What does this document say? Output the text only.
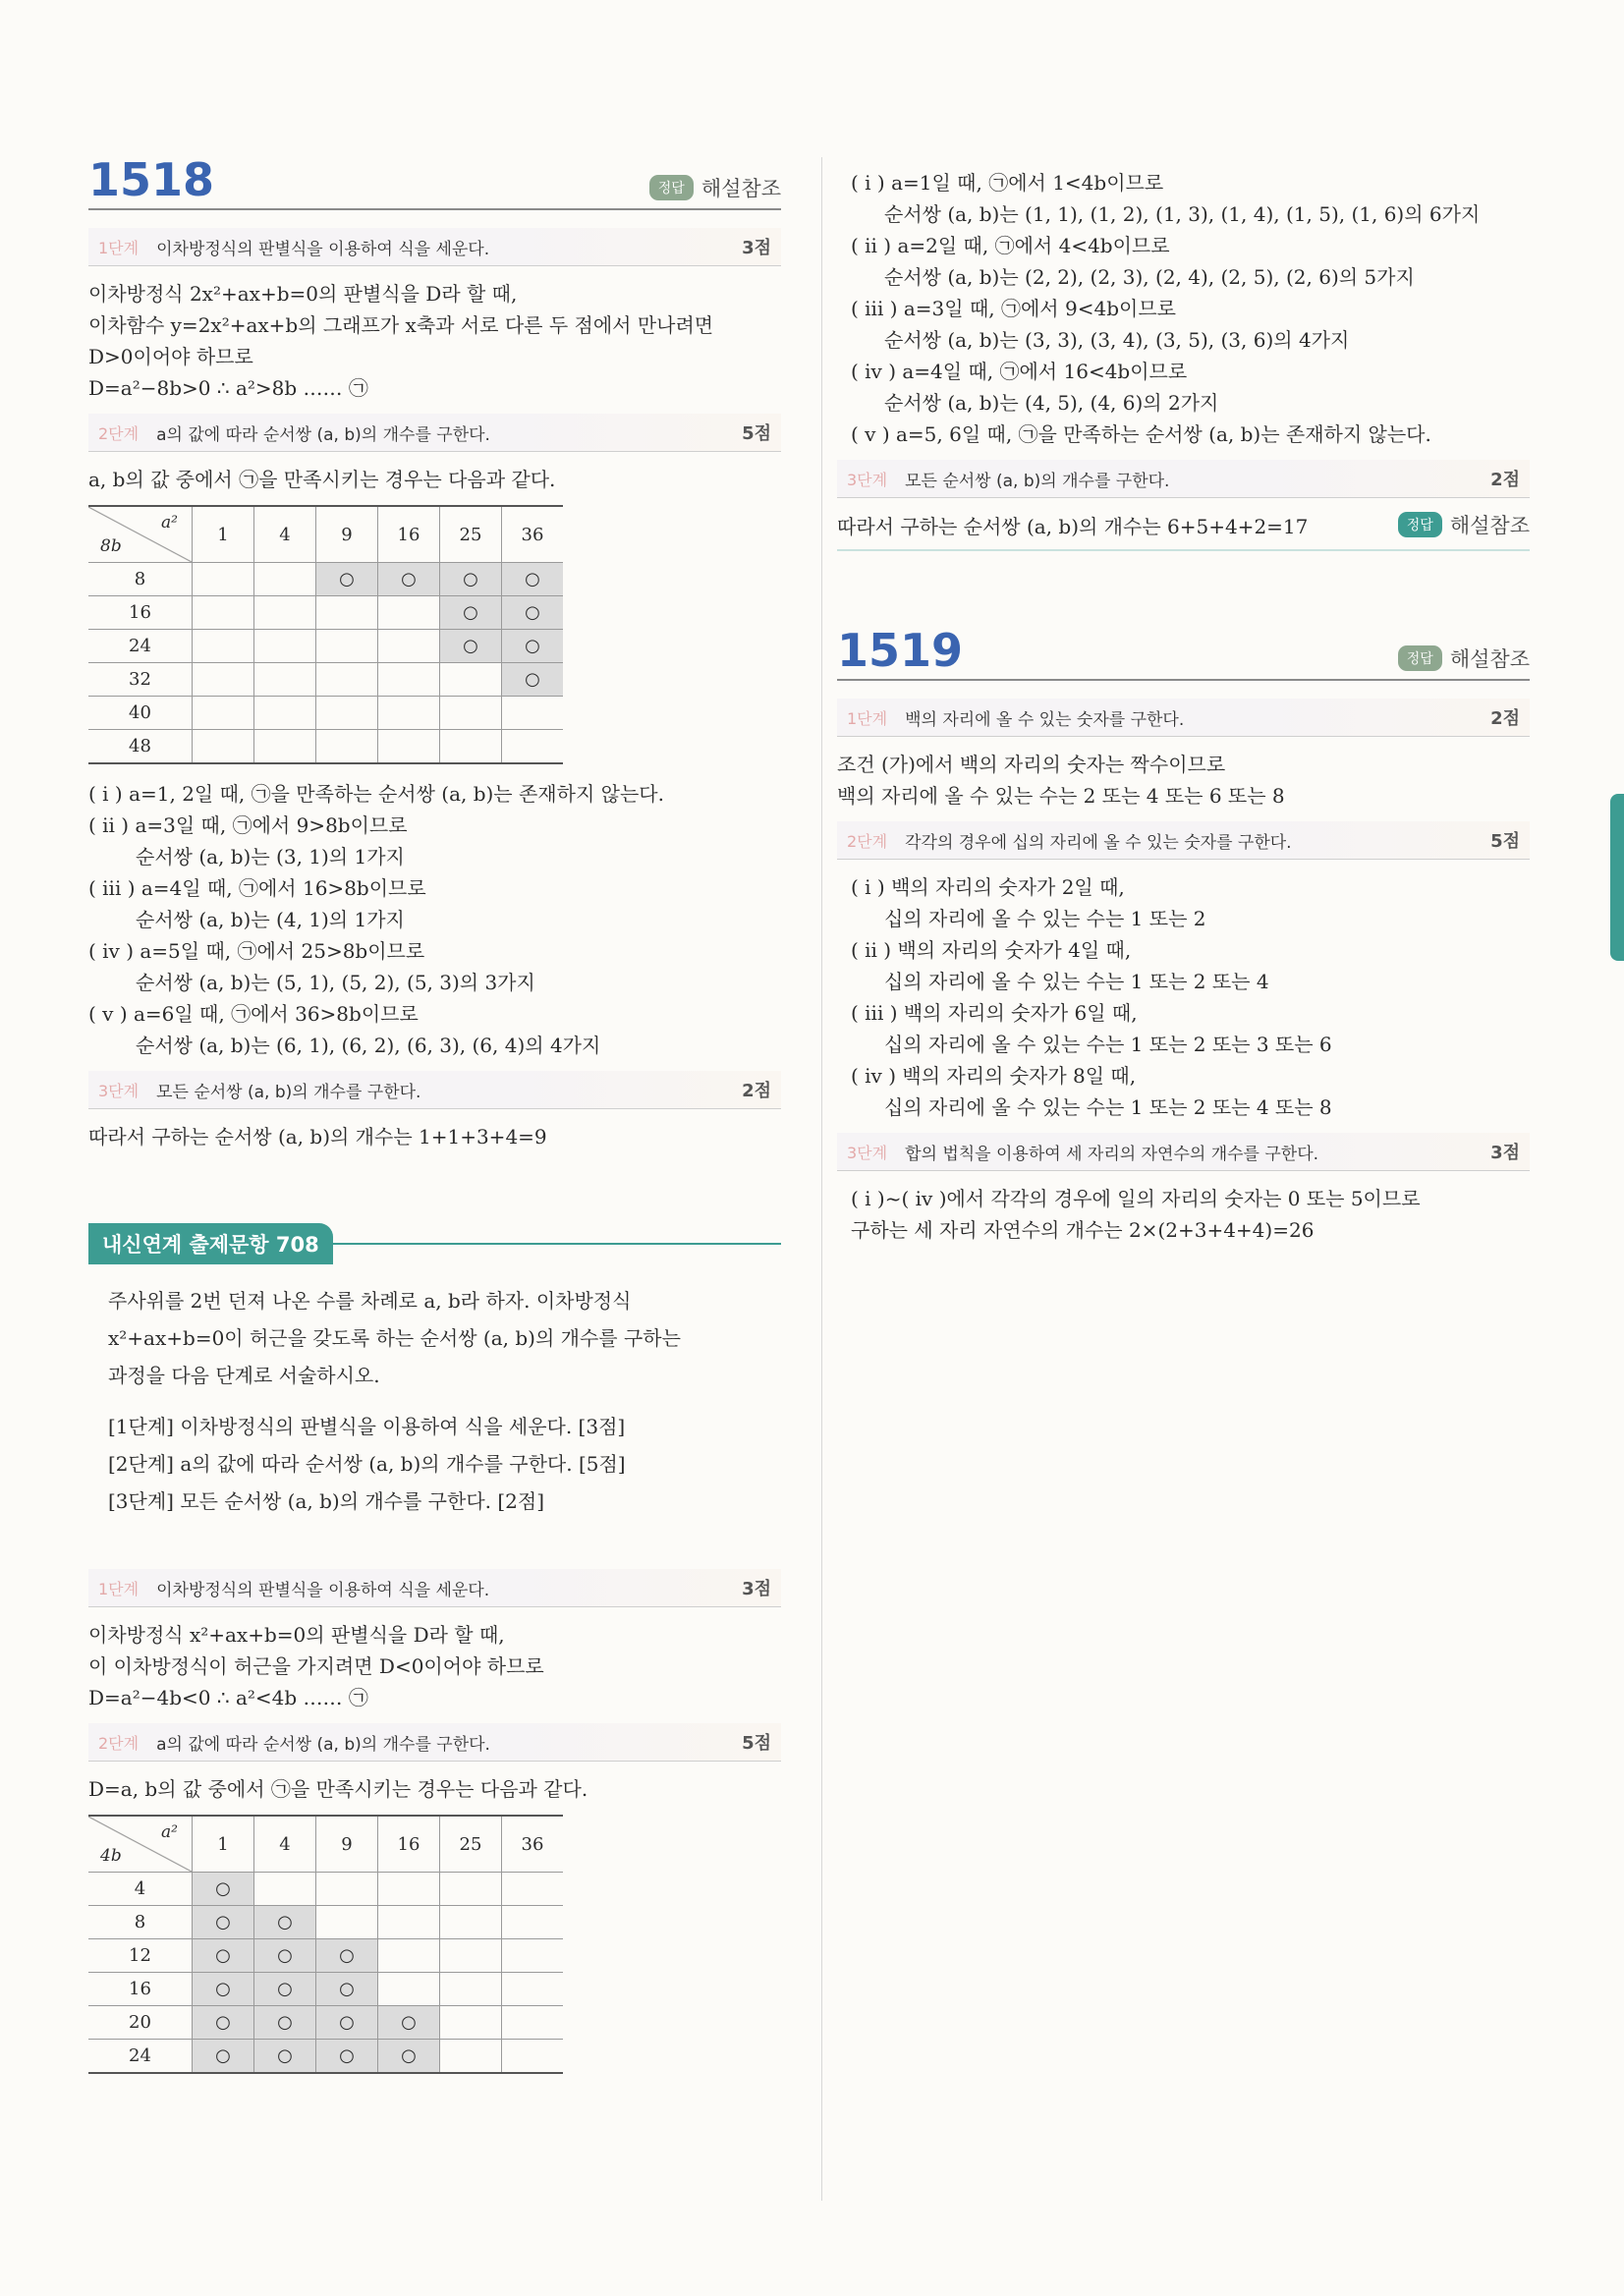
1518	정답 해설참조
1단계 이차방정식의 판별식을 이용하여 식을 세운다.	3점

이차방정식 2x²+ax+b=0의 판별식을 D라 할 때,

이차함수 y=2x²+ax+b의 그래프가 x축과 서로 다른 두 점에서 만나려면

D>0이어야 하므로

D=a²−8b>0 ∴ a²>8b …… ㉠

2단계 a의 값에 따라 순서쌍 (a, b)의 개수를 구한다.	5점

a, b의 값 중에서 ㉠을 만족시키는 경우는 다음과 같다.

a²
8b	1	4	9	16	25	36
8			○	○	○	○
16					○	○
24					○	○
32						○
40						
48						

( i ) a=1, 2일 때, ㉠을 만족하는 순서쌍 (a, b)는 존재하지 않는다.

( ii ) a=3일 때, ㉠에서 9>8b이므로

순서쌍 (a, b)는 (3, 1)의 1가지

( iii ) a=4일 때, ㉠에서 16>8b이므로

순서쌍 (a, b)는 (4, 1)의 1가지

( iv ) a=5일 때, ㉠에서 25>8b이므로

순서쌍 (a, b)는 (5, 1), (5, 2), (5, 3)의 3가지

( v ) a=6일 때, ㉠에서 36>8b이므로

순서쌍 (a, b)는 (6, 1), (6, 2), (6, 3), (6, 4)의 4가지

3단계 모든 순서쌍 (a, b)의 개수를 구한다.	2점

따라서 구하는 순서쌍 (a, b)의 개수는 1+1+3+4=9

내신연계 출제문항 708

주사위를 2번 던져 나온 수를 차례로 a, b라 하자. 이차방정식

x²+ax+b=0이 허근을 갖도록 하는 순서쌍 (a, b)의 개수를 구하는

과정을 다음 단계로 서술하시오.

[1단계] 이차방정식의 판별식을 이용하여 식을 세운다. [3점]

[2단계] a의 값에 따라 순서쌍 (a, b)의 개수를 구한다. [5점]

[3단계] 모든 순서쌍 (a, b)의 개수를 구한다. [2점]

1단계 이차방정식의 판별식을 이용하여 식을 세운다.	3점

이차방정식 x²+ax+b=0의 판별식을 D라 할 때,

이 이차방정식이 허근을 가지려면 D<0이어야 하므로

D=a²−4b<0 ∴ a²<4b …… ㉠

2단계 a의 값에 따라 순서쌍 (a, b)의 개수를 구한다.	5점

D=a, b의 값 중에서 ㉠을 만족시키는 경우는 다음과 같다.

a²
4b	1	4	9	16	25	36
4	○					
8	○	○				
12	○	○	○			
16	○	○	○			
20	○	○	○	○		
24	○	○	○	○		

( i ) a=1일 때, ㉠에서 1<4b이므로

순서쌍 (a, b)는 (1, 1), (1, 2), (1, 3), (1, 4), (1, 5), (1, 6)의 6가지

( ii ) a=2일 때, ㉠에서 4<4b이므로

순서쌍 (a, b)는 (2, 2), (2, 3), (2, 4), (2, 5), (2, 6)의 5가지

( iii ) a=3일 때, ㉠에서 9<4b이므로

순서쌍 (a, b)는 (3, 3), (3, 4), (3, 5), (3, 6)의 4가지

( iv ) a=4일 때, ㉠에서 16<4b이므로

순서쌍 (a, b)는 (4, 5), (4, 6)의 2가지

( v ) a=5, 6일 때, ㉠을 만족하는 순서쌍 (a, b)는 존재하지 않는다.

3단계 모든 순서쌍 (a, b)의 개수를 구한다.	2점
따라서 구하는 순서쌍 (a, b)의 개수는 6+5+4+2=17	정답 해설참조
1519	정답 해설참조
1단계 백의 자리에 올 수 있는 숫자를 구한다.	2점

조건 (가)에서 백의 자리의 숫자는 짝수이므로

백의 자리에 올 수 있는 수는 2 또는 4 또는 6 또는 8

2단계 각각의 경우에 십의 자리에 올 수 있는 숫자를 구한다.	5점

( i ) 백의 자리의 숫자가 2일 때,

십의 자리에 올 수 있는 수는 1 또는 2

( ii ) 백의 자리의 숫자가 4일 때,

십의 자리에 올 수 있는 수는 1 또는 2 또는 4

( iii ) 백의 자리의 숫자가 6일 때,

십의 자리에 올 수 있는 수는 1 또는 2 또는 3 또는 6

( iv ) 백의 자리의 숫자가 8일 때,

십의 자리에 올 수 있는 수는 1 또는 2 또는 4 또는 8

3단계 합의 법칙을 이용하여 세 자리의 자연수의 개수를 구한다.	3점

( i )~( iv )에서 각각의 경우에 일의 자리의 숫자는 0 또는 5이므로

구하는 세 자리 자연수의 개수는 2×(2+3+4+4)=26
